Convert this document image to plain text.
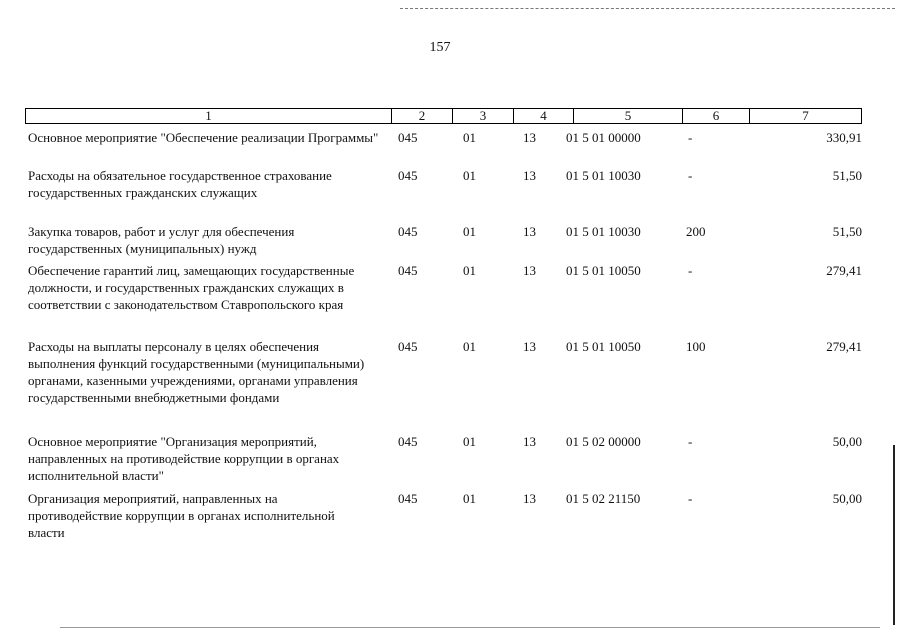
157
1	2	3	4	5	6	7
Основное мероприятие "Обеспечение реализации Программы"	045	01	13 01 5 01 00000	-	330,91
Расходы на обязательное государственное страхование государственных гражданских служащих
045	01	13 01 5 01 10030	-	51,50
Закупка товаров, работ и услуг для обеспечения государственных (муниципальных) нужд
045	01	13 01 5 01 10030	200	51,50
Обеспечение гарантий лиц, замещающих государственные должности, и государственных гражданских служащих в соответствии с законодательством Ставропольского края
045	01	13 01 5 01 10050	-	279,41
Расходы на выплаты персоналу в целях обеспечения выполнения функций государственными (муниципальными) органами, казенными учреждениями, органами управления государственными внебюджетными фондами
045	01	13 01 5 01 10050	100	279,41
Основное мероприятие "Организация мероприятий, направленных на противодействие коррупции в органах исполнительной власти"
045	01	13 01 5 02 00000	-	50,00
Организация мероприятий, направленных на противодействие коррупции в органах исполнительной власти
045	01	13 01 5 02 21150	-	50,00
